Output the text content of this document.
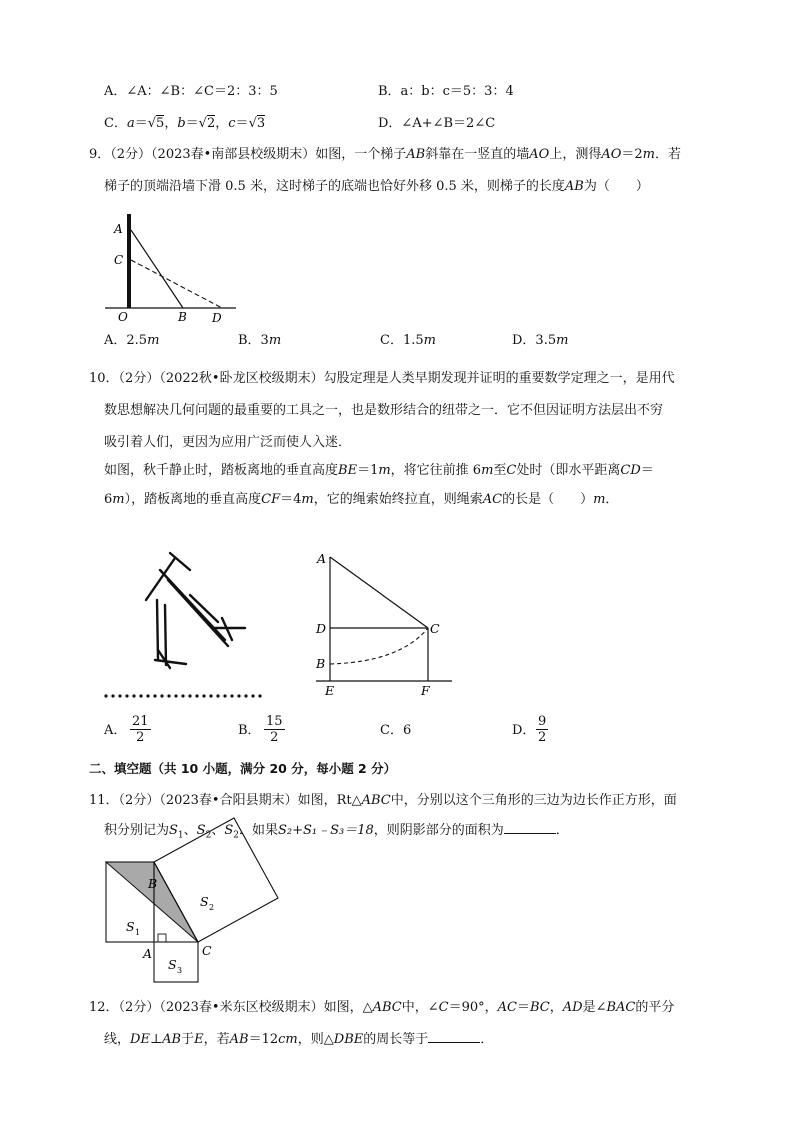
A．∠A：∠B：∠C＝2：3：5	B．a：b：c＝5：3：4
C．a＝√5，b＝√2，c＝√3	D．∠A+∠B＝2∠C
9．（2分）（2023春•南部县校级期末）如图，一个梯子AB斜靠在一竖直的墙AO上，测得AO＝2m．若
梯子的顶端沿墙下滑 0.5 米，这时梯子的底端也恰好外移 0.5 米，则梯子的长度AB为（　　）
A
C
O	B D
A．2.5m	B．3m	C．1.5m	D．3.5m
10．（2分）（2022秋•卧龙区校级期末）勾股定理是人类早期发现并证明的重要数学定理之一，是用代
数思想解决几何问题的最重要的工具之一，也是数形结合的纽带之一．它不但因证明方法层出不穷
吸引着人们，更因为应用广泛而使人入迷．
如图，秋千静止时，踏板离地的垂直高度BE＝1m，将它往前推 6m至C处时（即水平距离CD＝
6m），踏板离地的垂直高度CF＝4m，它的绳索始终拉直，则绳索AC的长是（　　）m．
A
D	C
B
E	F
A． $\frac{21}{2}$	B． $\frac{15}{2}$	C．6	D． $\frac{9}{2}$
二、填空题（共 10 小题，满分 20 分，每小题 2 分）
11．（2分）（2023春•合阳县期末）如图，Rt△ABC中，分别以这个三角形的三边为边长作正方形，面
积分别记为$S_1$、$S_2$、$S_2$．如果S₂+S₁﹣S₃＝18，则阴影部分的面积为	．
B
S 2
S 1
A	C
S 3
12．（2分）（2023春•米东区校级期末）如图，△ABC中，∠C＝90°，AC＝BC，AD是∠BAC的平分
线，DE⊥AB于E，若AB＝12cm，则△DBE的周长等于	．
